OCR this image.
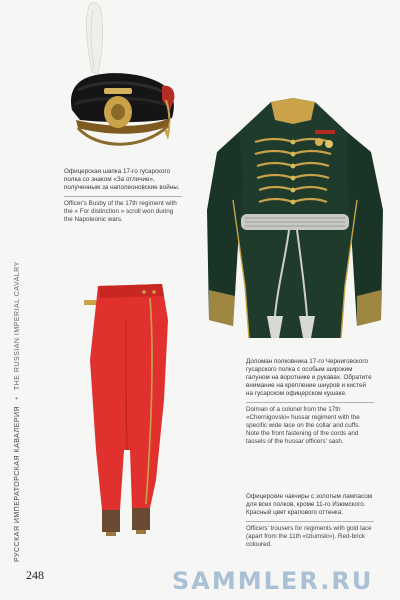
Офицерская шапка 17-го гусарского полка со знаком «За отличие», полученным за наполеоновские войны.
Officer's Busby of the 17th regiment with the « For distinction » scroll won during the Napoleonic wars.
Доломан полковника 17-го Черниговского гусарского полка с особым широким галуном на воротнике и рукавах. Обратите внимание на крепление шнуров и кистей на гусарском офицерском кушаке.
Dolman of a colonel from the 17th «Chernigovski» hussar regiment with the specific wide lace on the collar and cuffs. Note the front fastening of the cords and tassels of the hussar officers' sash.
Офицерские чакчиры с золотым лампасом для всех полков, кроме 11-го Изюмского. Красный цвет крапового оттенка.
Officers' trousers for regiments with gold lace (apart from the 11th «Iziumski»). Red-brick coloured.
РУССКАЯ ИМПЕРАТОРСКАЯ КАВАЛЕРИЯ • THE RUSSIAN IMPERIAL CAVALRY
248	SAMMLER.RU
